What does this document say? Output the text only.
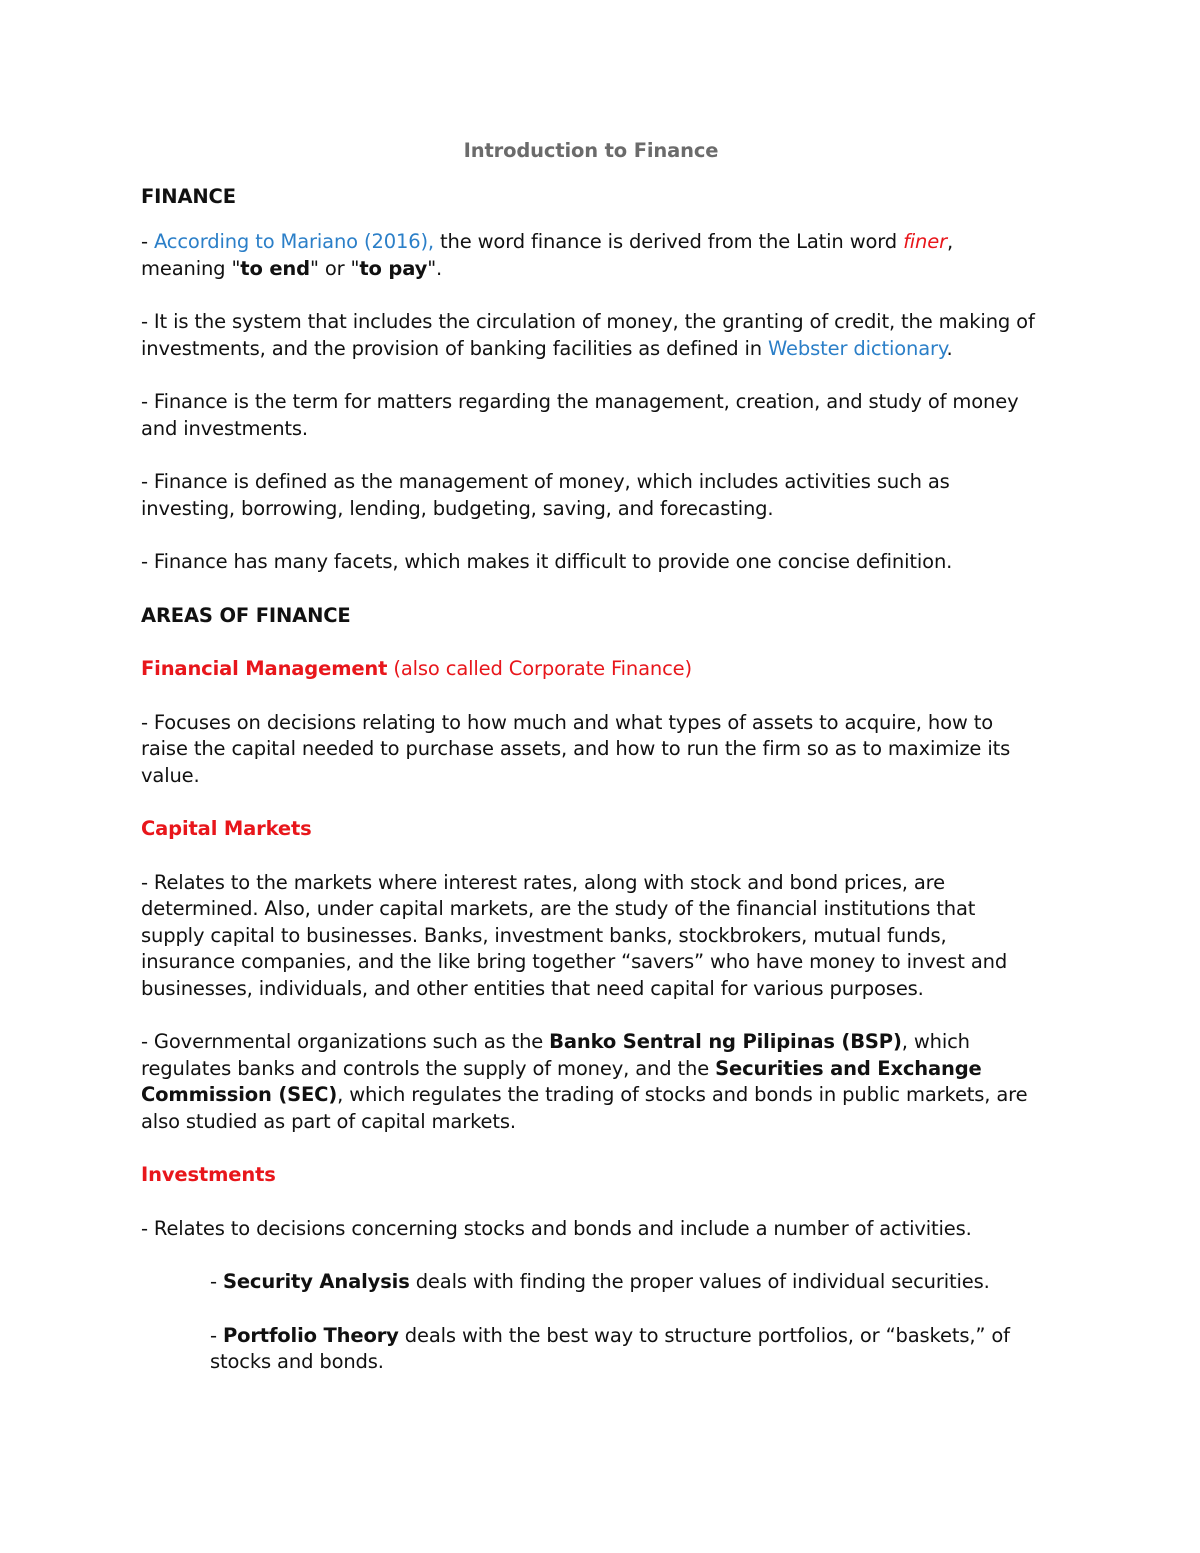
Introduction to Finance
FINANCE

- According to Mariano (2016), the word finance is derived from the Latin word finer, meaning "to end" or "to pay".

- It is the system that includes the circulation of money, the granting of credit, the making of investments, and the provision of banking facilities as defined in Webster dictionary.

- Finance is the term for matters regarding the management, creation, and study of money and investments.

- Finance is defined as the management of money, which includes activities such as investing, borrowing, lending, budgeting, saving, and forecasting.

- Finance has many facets, which makes it difficult to provide one concise definition.

AREAS OF FINANCE
Financial Management (also called Corporate Finance)

- Focuses on decisions relating to how much and what types of assets to acquire, how to raise the capital needed to purchase assets, and how to run the firm so as to maximize its value.

Capital Markets

- Relates to the markets where interest rates, along with stock and bond prices, are determined. Also, under capital markets, are the study of the financial institutions that supply capital to businesses. Banks, investment banks, stockbrokers, mutual funds, insurance companies, and the like bring together “savers” who have money to invest and businesses, individuals, and other entities that need capital for various purposes.

- Governmental organizations such as the Banko Sentral ng Pilipinas (BSP), which regulates banks and controls the supply of money, and the Securities and Exchange Commission (SEC), which regulates the trading of stocks and bonds in public markets, are also studied as part of capital markets.

Investments

- Relates to decisions concerning stocks and bonds and include a number of activities.

- Security Analysis deals with finding the proper values of individual securities.

- Portfolio Theory deals with the best way to structure portfolios, or “baskets,” of stocks and bonds.
